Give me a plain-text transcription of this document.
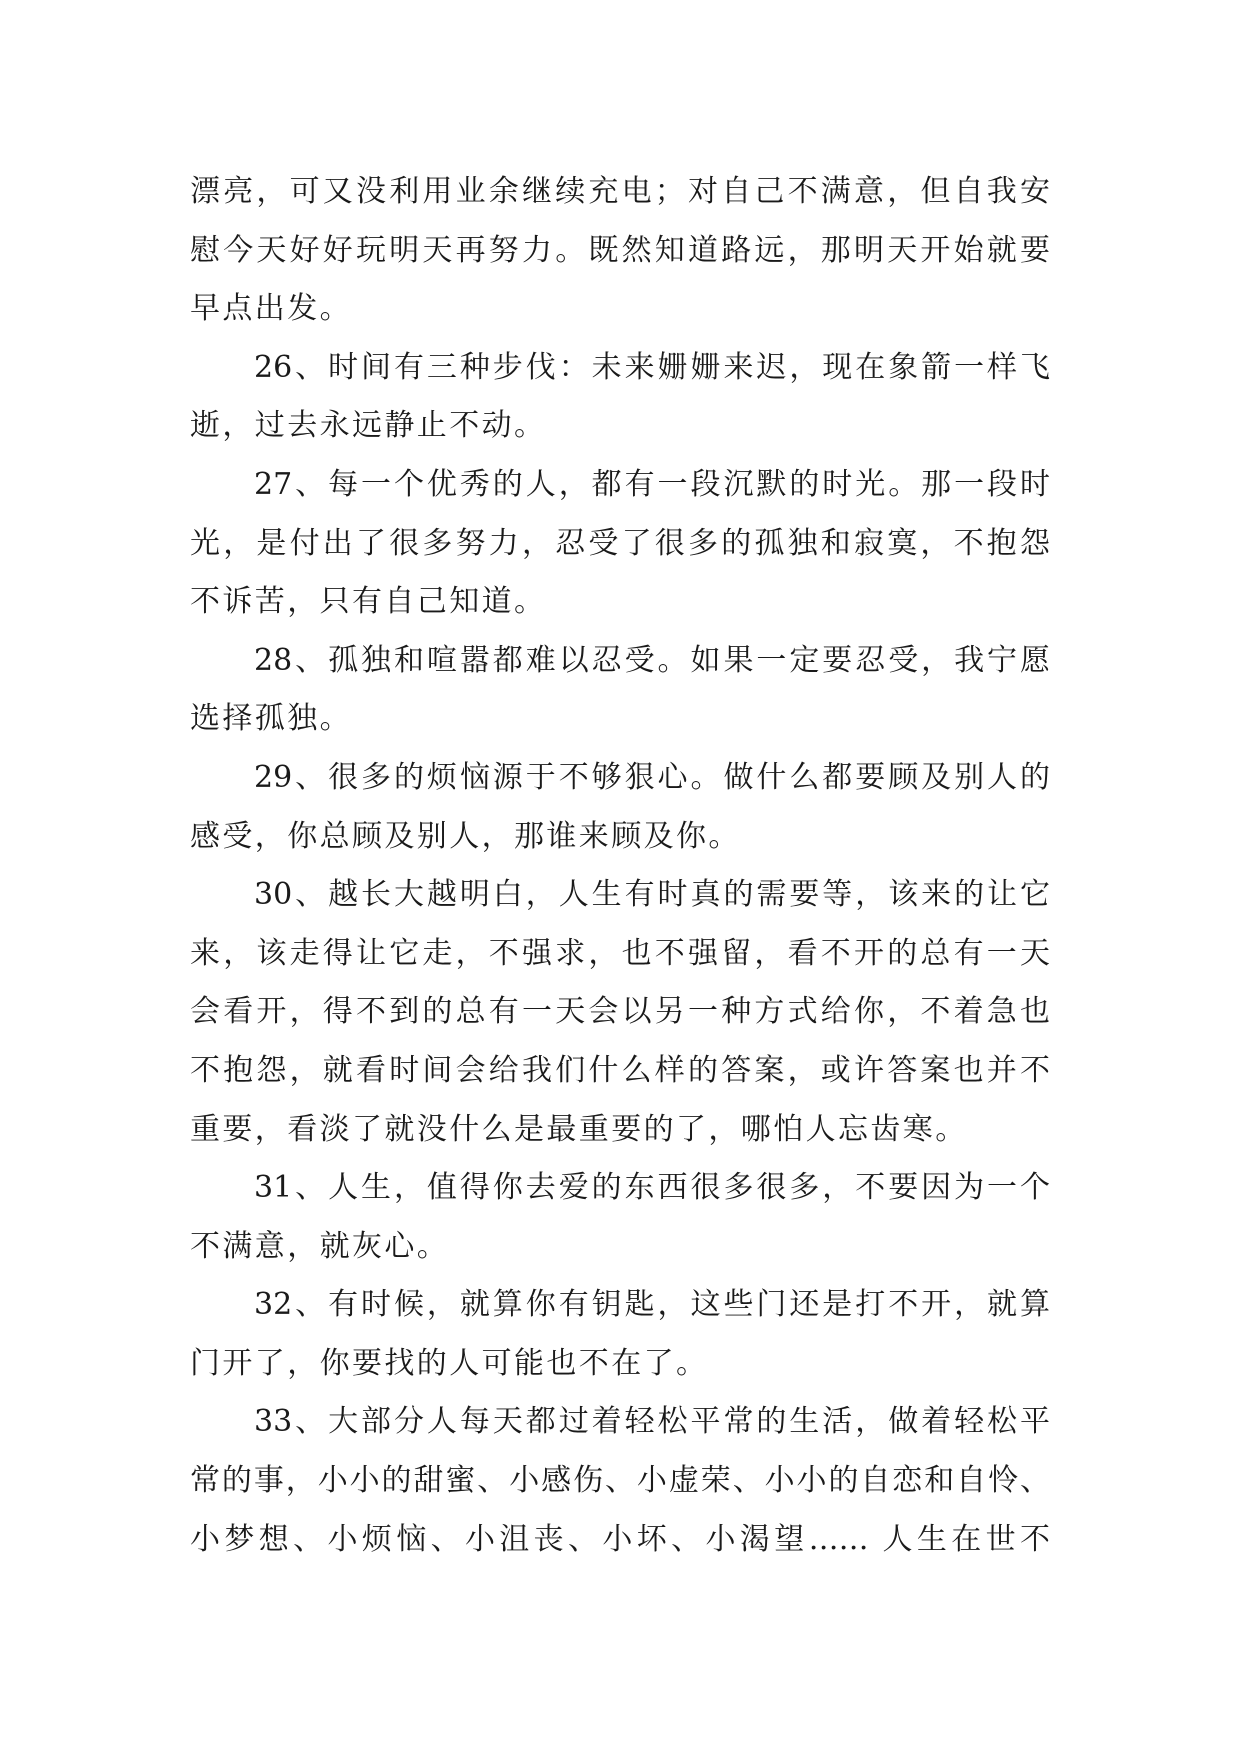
漂亮，可又没利用业余继续充电；对自己不满意，但自我安
慰今天好好玩明天再努力。既然知道路远，那明天开始就要
早点出发。
26、时间有三种步伐：未来姗姗来迟，现在象箭一样飞
逝，过去永远静止不动。
27、每一个优秀的人，都有一段沉默的时光。那一段时
光，是付出了很多努力，忍受了很多的孤独和寂寞，不抱怨
不诉苦，只有自己知道。
28、孤独和喧嚣都难以忍受。如果一定要忍受，我宁愿
选择孤独。
29、很多的烦恼源于不够狠心。做什么都要顾及别人的
感受，你总顾及别人，那谁来顾及你。
30、越长大越明白，人生有时真的需要等，该来的让它
来，该走得让它走，不强求，也不强留，看不开的总有一天
会看开，得不到的总有一天会以另一种方式给你，不着急也
不抱怨，就看时间会给我们什么样的答案，或许答案也并不
重要，看淡了就没什么是最重要的了，哪怕人忘齿寒。
31、人生，值得你去爱的东西很多很多，不要因为一个
不满意，就灰心。
32、有时候，就算你有钥匙，这些门还是打不开，就算
门开了，你要找的人可能也不在了。
33、大部分人每天都过着轻松平常的生活，做着轻松平
常的事，小小的甜蜜、小感伤、小虚荣、小小的自恋和自怜、
小梦想、小烦恼、小沮丧、小坏、小渴望…… 人生在世不
